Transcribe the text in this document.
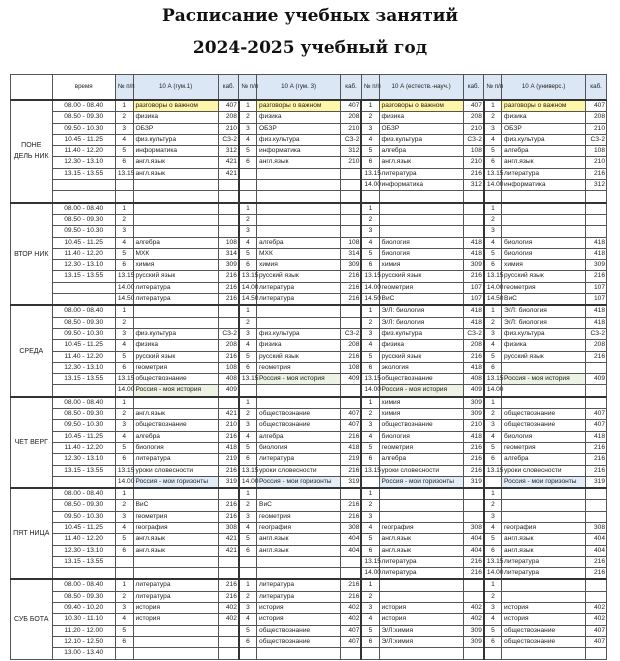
Расписание учебных занятий
2024-2025 учебный год
	время	№ п/п	10 А (гум.1)	каб.	№ п/п	10 А (гум. 3)	каб.	№ п/п	10 А (естеств.-науч.)	каб.	№ п/п	10 А (универс.)	каб.
ПОНЕ ДЕЛЬ НИК	08.00 - 08.40	1	разговоры о важном	407	1	разговоры о важном	407	1	разговоры о важном	407	1	разговоры о важном	407
	08.50 - 09.30	2	физика	208	2	физика	208	2	физика	208	2	физика	208
	09.50 - 10.30	3	ОБЗР	210	3	ОБЗР	210	3	ОБЗР	210	3	ОБЗР	210
	10.45 - 11.25	4	физ.культура	СЗ-2	4	физ.культура	СЗ-2	4	физ.культура	СЗ-2	4	физ.культура	СЗ-2
	11.40 - 12.20	5	информатика	312	5	информатика	312	5	алгебра	108	5	алгебра	108
	12.30 - 13.10	6	англ.язык	421	6	англ.язык	210	6	англ.язык	210	6	англ.язык	210
	13.15 - 13.55	13.15	англ.язык	421				13.15	литература	216	13.15	литература	216
								14.00	информатика	312	14.00	информатика	312

ВТОР НИК	08.00 - 08.40	1			1			1			1		
	08.50 - 09.30	2			2			2			2		
	09.50 - 10.30	3			3			3			3		
	10.45 - 11.25	4	алгебра	108	4	алгебра	108	4	биология	418	4	биология	418
	11.40 - 12.20	5	МХК	314	5	МХК	314	5	биология	418	5	биология	418
	12.30 - 13.10	6	химия	309	6	химия	309	6	химия	309	6	химия	309
	13.15 - 13.55	13.15	русский язык	216	13.15	русский язык	216	13.15	русский язык	216	13.15	русский язык	216
		14.00	литература	216	14.00	литература	216	14.00	геометрия	107	14.00	геометрия	107
		14.50	литература	216	14.50	литература	216	14.50	ВиС	107	14.50	ВиС	107
СРЕДА	08.00 - 08.40	1			1			1	Э/Л: биология	418	1	Э/Л: биология	418
	08.50 - 09.30	2			2			2	Э/Л: биология	418	2	Э/Л: биология	418
	09.50 - 10.30	3	физ.культура	СЗ-2	3	физ.культура	СЗ-2	3	физ.культура	СЗ-2	3	физ.культура	СЗ-2
	10.45 - 11.25	4	физика	208	4	физика	208	4	физика	208	4	физика	208
	11.40 - 12.20	5	русский язык	216	5	русский язык	216	5	русский язык	216	5	русский язык	216
	12.30 - 13.10	6	геометрия	108	6	геометрия	108	6	экология	418	6		
	13.15 - 13.55	13.15	обществознание	408	13.15	Россия - моя история	409	13.15	обществознание	408	13.15	Россия - моя история	409
		14.00	Россия - моя история	409				14.00	Россия - моя история	409	14.00		
ЧЕТ ВЕРГ	08.00 - 08.40	1			1			1	химия	309	1		
	08.50 - 09.30	2	англ.язык	421	2	обществознание	407	2	химия	309	2	обществознание	407
	09.50 - 10.30	3	обществознание	210	3	обществознание	407	3	обществознание	210	3	обществознание	407
	10.45 - 11.25	4	алгебра	216	4	алгебра	216	4	биология	418	4	биология	418
	11.40 - 12.20	5	биология	418	5	биология	418	5	геометрия	216	5	геометрия	216
	12.30 - 13.10	6	литература	219	6	литература	219	6	алгебра	216	6	алгебра	216
	13.15 - 13.55	13.15	уроки словесности	216	13.15	уроки словесности	216	13.15	уроки словесности	216	13.15	уроки словесности	216
		14.00	Россия - мои горизонты	319	14.00	Россия - мои горизонты	319		Россия - мои горизонты	319		Россия - мои горизонты	319
ПЯТ НИЦА	08.00 - 08.40	1			1			1			1		
	08.50 - 09.30	2	ВиС	216	2	ВиС	216	2			2		
	09.50 - 10.30	3	геометрия	216	3	геометрия	216	3			3		
	10.45 - 11.25	4	география	308	4	география	308	4	география	308	4	география	308
	11.40 - 12.20	5	англ.язык	421	5	англ.язык	404	5	англ.язык	404	5	англ.язык	404
	12.30 - 13.10	6	англ.язык	421	6	англ.язык	404	6	англ.язык	404	6	англ.язык	404
	13.15 - 13.55							13.15	литература	216	13.15	литература	216
								14.00	литература	216	14.00	литература	216
СУБ БОТА	08.00 - 08.40	1	литература	216	1	литература	216	1			1		
	08.50 - 09.30	2	литература	216	2	литература	216	2			2		
	09.40 - 10.20	3	история	402	3	история	402	3	история	402	3	история	402
	10.30 - 11.10	4	история	402	4	история	402	4	история	402	4	история	402
	11.20 - 12.00	5			5	обществознание	407	5	Э/Л:химия	309	5	обществознание	407
	12.10 - 12.50	6			6	обществознание	407	6	Э/Л:химия	309	6	обществознание	407
	13.00 - 13.40												
